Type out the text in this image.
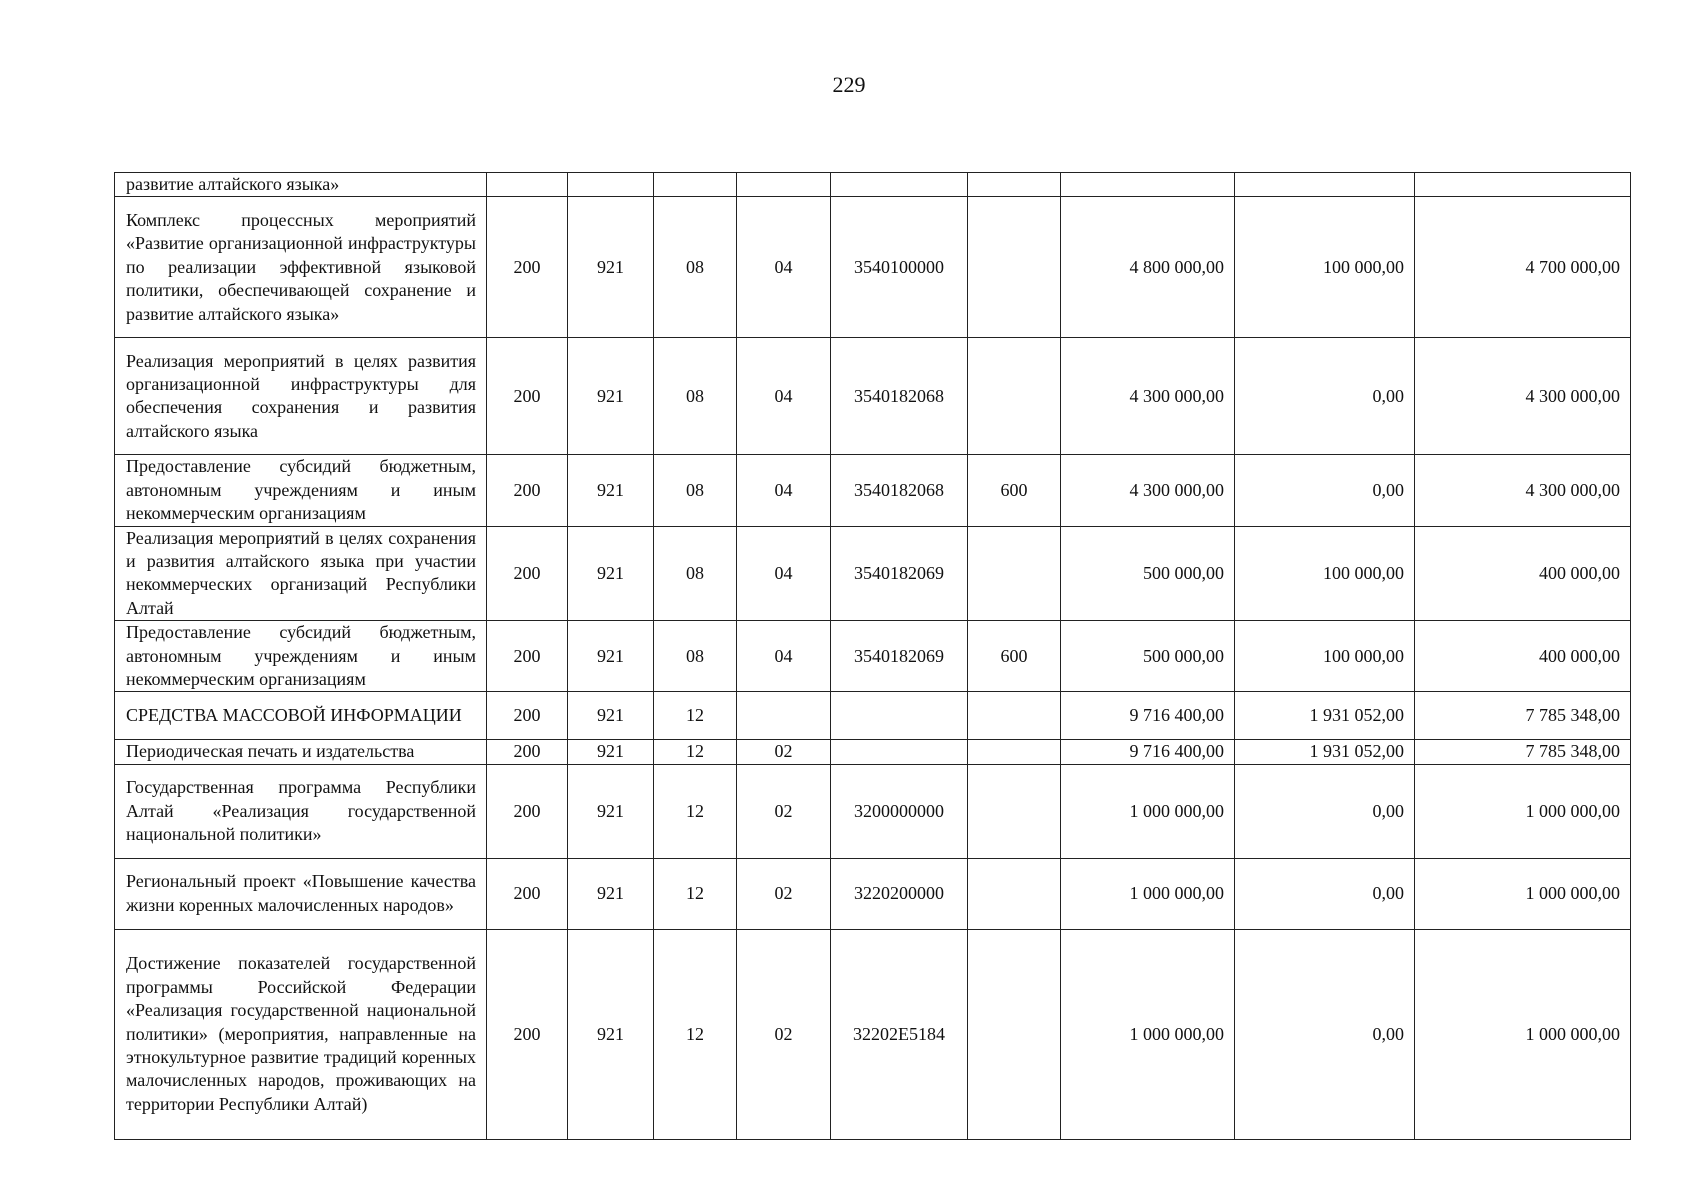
229
развитие алтайского языка»									

Комплекс процессных мероприятий «Развитие организационной инфраструктуры по реализации эффективной языковой политики, обеспечивающей сохранение и развитие алтайского языка»	200	921	08	04	3540100000		4 800 000,00	100 000,00	4 700 000,00

Реализация мероприятий в целях развития организационной инфраструктуры для обеспечения сохранения и развития алтайского языка	200	921	08	04	3540182068		4 300 000,00	0,00	4 300 000,00

Предоставление субсидий бюджетным, автономным учреждениям и иным некоммерческим организациям	200	921	08	04	3540182068	600	4 300 000,00	0,00	4 300 000,00

Реализация мероприятий в целях сохранения и развития алтайского языка при участии некоммерческих организаций Республики Алтай	200	921	08	04	3540182069		500 000,00	100 000,00	400 000,00

Предоставление субсидий бюджетным, автономным учреждениям и иным некоммерческим организациям	200	921	08	04	3540182069	600	500 000,00	100 000,00	400 000,00

СРЕДСТВА МАССОВОЙ ИНФОРМАЦИИ	200	921	12				9 716 400,00	1 931 052,00	7 785 348,00

Периодическая печать и издательства	200	921	12	02			9 716 400,00	1 931 052,00	7 785 348,00

Государственная программа Республики Алтай «Реализация государственной национальной политики»	200	921	12	02	3200000000		1 000 000,00	0,00	1 000 000,00

Региональный проект «Повышение качества жизни коренных малочисленных народов»	200	921	12	02	3220200000		1 000 000,00	0,00	1 000 000,00

Достижение показателей государственной программы Российской Федерации «Реализация государственной национальной политики» (мероприятия, направленные на этнокультурное развитие традиций коренных малочисленных народов, проживающих на территории Республики Алтай)	200	921	12	02	32202E5184		1 000 000,00	0,00	1 000 000,00
